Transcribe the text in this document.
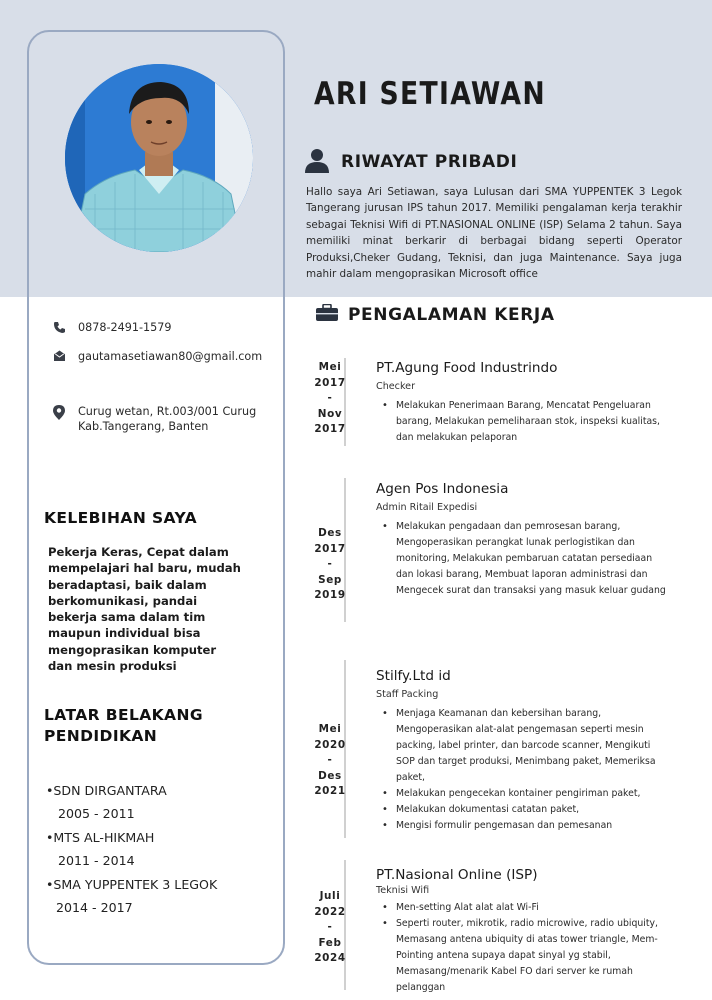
ARI SETIAWAN
RIWAYAT PRIBADI
Hallo saya Ari Setiawan, saya Lulusan dari SMA YUPPENTEK 3 Legok Tangerang jurusan IPS tahun 2017. Memiliki pengalaman kerja terakhir sebagai Teknisi Wifi di PT.NASIONAL ONLINE (ISP) Selama 2 tahun. Saya memiliki minat berkarir di berbagai bidang seperti Operator Produksi,Cheker Gudang, Teknisi, dan juga Maintenance. Saya juga mahir dalam mengoprasikan Microsoft office
0878-2491-1579
gautamasetiawan80@gmail.com
Curug wetan, Rt.003/001 Curug
Kab.Tangerang, Banten
KELEBIHAN SAYA
Pekerja Keras, Cepat dalam
mempelajari hal baru, mudah
beradaptasi, baik dalam
berkomunikasi, pandai
bekerja sama dalam tim
maupun individual bisa
mengoprasikan komputer
dan mesin produksi
LATAR BELAKANG
PENDIDIKAN
•SDN DIRGANTARA
2005 - 2011
•MTS AL-HIKMAH
2011 - 2014
•SMA YUPPENTEK 3 LEGOK
2014 - 2017
PENGALAMAN KERJA
Mei
2017
-
Nov
2017
PT.Agung Food Industrindo
Checker
• Melakukan Penerimaan Barang, Mencatat Pengeluaran barang, Melakukan pemeliharaan stok, inspeksi kualitas, dan melakukan pelaporan
Des
2017
-
Sep
2019
Agen Pos Indonesia
Admin Ritail Expedisi
• Melakukan pengadaan dan pemrosesan barang, Mengoperasikan perangkat lunak perlogistikan dan monitoring, Melakukan pembaruan catatan persediaan dan lokasi barang, Membuat laporan administrasi dan Mengecek surat dan transaksi yang masuk keluar gudang
Mei
2020
-
Des
2021
Stilfy.Ltd id
Staff Packing
• Menjaga Keamanan dan kebersihan barang, Mengoperasikan alat-alat pengemasan seperti mesin packing, label printer, dan barcode scanner, Mengikuti SOP dan target produksi, Menimbang paket, Memeriksa paket,
• Melakukan pengecekan kontainer pengiriman paket,
• Melakukan dokumentasi catatan paket,
• Mengisi formulir pengemasan dan pemesanan
Juli
2022
-
Feb
2024
PT.Nasional Online (ISP)
Teknisi Wifi
• Men-setting Alat alat alat Wi-Fi
• Seperti router, mikrotik, radio microwive, radio ubiquity, Memasang antena ubiquity di atas tower triangle, Mem-Pointing antena supaya dapat sinyal yg stabil, Memasang/menarik Kabel FO dari server ke rumah pelanggan
